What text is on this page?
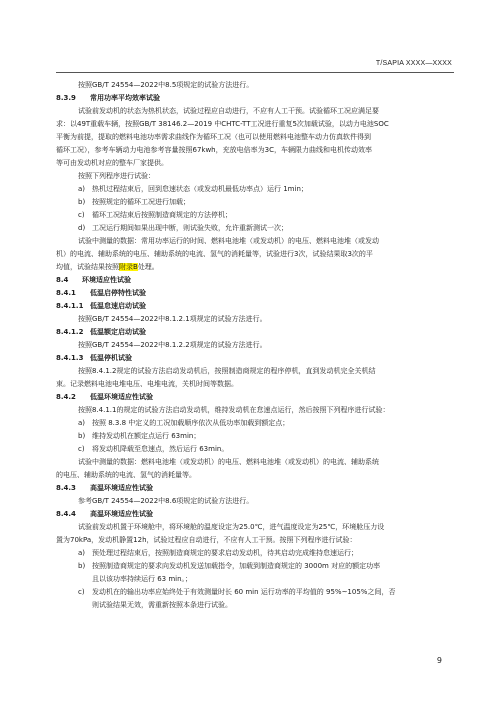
T/SAPIA XXXX—XXXX
按照GB/T 24554—2022中8.5项规定的试验方法进行。
8.3.9 常用功率平均效率试验
试验前发动机的状态为热机状态，试验过程应自动进行，不应有人工干预。试验循环工况应满足要
求：以49T重载车辆，按照GB/T 38146.2—2019 中CHTC-TT工况进行重复5次加载试验，以动力电池SOC
平衡为前提，提取的燃料电池功率需求曲线作为循环工况（也可以使用燃料电池整车动力仿真软件得到
循环工况），参考车辆动力电池参考容量按照67kwh，充放电倍率为3C，车辆限力曲线和电机传动效率
等可由发动机对应的整车厂家提供。
按照下列程序进行试验：
a) 热机过程结束后，回到怠速状态（或发动机最低功率点）运行 1min；
b) 按照规定的循环工况进行加载；
c) 循环工况结束后按照制造商规定的方法停机；
d) 工况运行期间如果出现中断，则试验失败，允许重新测试一次；
试验中测量的数据：常用功率运行的时间、燃料电池堆（或发动机）的电压、燃料电池堆（或发动
机）的电流、辅助系统的电压、辅助系统的电流、氢气的消耗量等，试验进行3次，试验结果取3次的平
均值，试验结果按照附录B处理。
8.4 环境适应性试验
8.4.1 低温启停特性试验
8.4.1.1 低温怠速启动试验
按照GB/T 24554—2022中8.1.2.1项规定的试验方法进行。
8.4.1.2 低温额定启动试验
按照GB/T 24554—2022中8.1.2.2项规定的试验方法进行。
8.4.1.3 低温停机试验
按照8.4.1.2规定的试验方法启动发动机后，按照制造商规定的程序停机，直到发动机完全关机结
束。记录燃料电池电堆电压、电堆电流，关机时间等数据。
8.4.2 低温环境适应性试验
按照8.4.1.1的规定的试验方法启动发动机，维持发动机在怠速点运行，然后按照下列程序进行试验：
a) 按照 8.3.8 中定义的工况加载顺序依次从低功率加载到额定点；
b) 维持发动机在额定点运行 63min；
c) 将发动机降载至怠速点，然后运行 63min。
试验中测量的数据：燃料电池堆（或发动机）的电压、燃料电池堆（或发动机）的电流、辅助系统
的电压、辅助系统的电流、氢气的消耗量等。
8.4.3 高温环境适应性试验
参考GB/T 24554—2022中8.6项规定的试验方法进行。
8.4.4 高温环境适应性试验
试验前发动机置于环境舱中，将环境舱的温度设定为25.0℃，进气温度设定为25℃，环境舱压力设
置为70kPa，发动机静置12h，试验过程应自动进行，不应有人工干预。按照下列程序进行试验：
a) 预处理过程结束后，按照制造商规定的要求启动发动机，待其启动完成维持怠速运行；
b) 按照制造商规定的要求向发动机发送加载指令，加载到制造商规定的 3000m 对应的额定功率
且以该功率持续运行 63 min。；
c) 发动机在的输出功率应始终处于有效测量时长 60 min 运行功率的平均值的 95%~105%之间，否
则试验结果无效，需重新按照本条进行试验。
9
